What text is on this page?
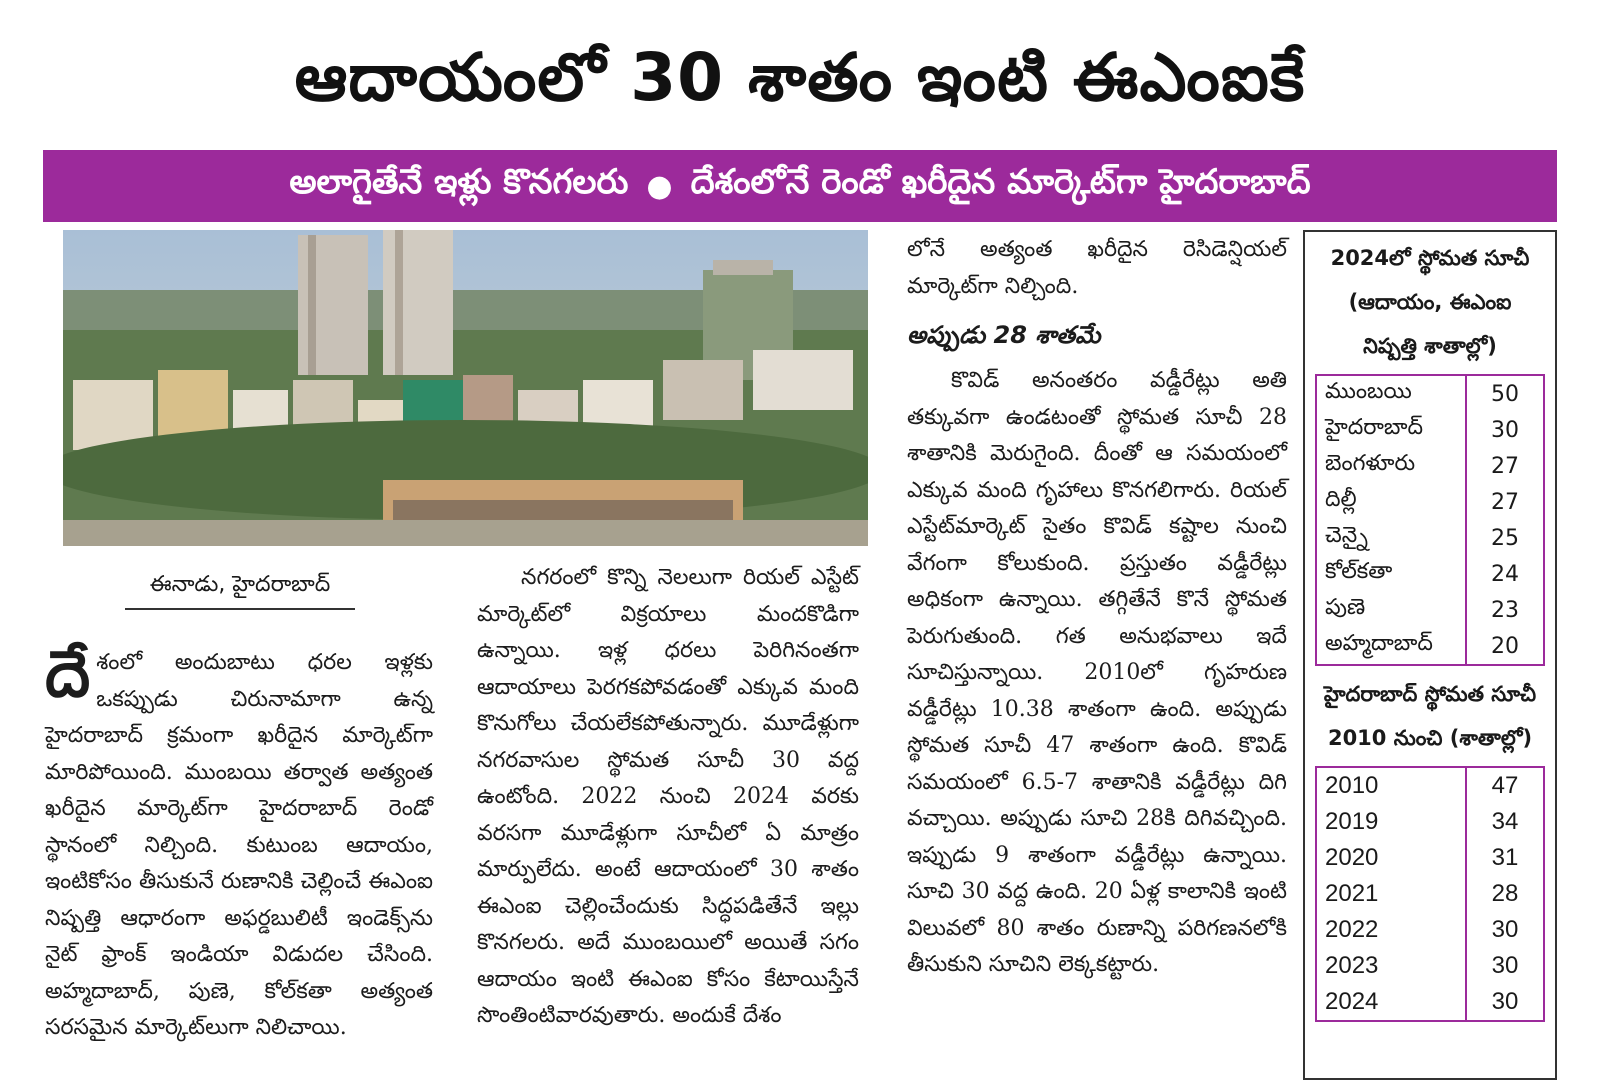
ఆదాయంలో 30 శాతం ఇంటి ఈఎంఐకే
అలాగైతేనే ఇళ్లు కొనగలరు ● దేశంలోనే రెండో ఖరీదైన మార్కెట్‌గా హైదరాబాద్
ఈనాడు, హైదరాబాద్
దేశంలో అందుబాటు ధరల ఇళ్లకు ఒకప్పుడు చిరునామాగా ఉన్న హైదరాబాద్ క్రమంగా ఖరీదైన మార్కెట్‌గా మారిపోయింది. ముంబయి తర్వాత అత్యంత ఖరీదైన మార్కెట్‌గా హైదరాబాద్ రెండో స్థానంలో నిల్చింది. కుటుంబ ఆదాయం, ఇంటికోసం తీసుకునే రుణానికి చెల్లించే ఈఎంఐ నిష్పత్తి ఆధారంగా అఫర్డబులిటీ ఇండెక్స్‌ను నైట్ ఫ్రాంక్ ఇండియా విడుదల చేసింది. అహ్మదాబాద్, పుణె, కోల్‌కతా అత్యంత సరసమైన మార్కెట్‌లుగా నిలిచాయి.
నగరంలో కొన్ని నెలలుగా రియల్ ఎస్టేట్ మార్కెట్‌లో విక్రయాలు మందకొడిగా ఉన్నాయి. ఇళ్ల ధరలు పెరిగినంతగా ఆదాయాలు పెరగకపోవడంతో ఎక్కువ మంది కొనుగోలు చేయలేకపోతున్నారు. మూడేళ్లుగా నగరవాసుల స్థోమత సూచీ 30 వద్ద ఉంటోంది. 2022 నుంచి 2024 వరకు వరసగా మూడేళ్లుగా సూచీలో ఏ మాత్రం మార్పులేదు. అంటే ఆదాయంలో 30 శాతం ఈఎంఐ చెల్లించేందుకు సిద్ధపడితేనే ఇల్లు కొనగలరు. అదే ముంబయిలో అయితే సగం ఆదాయం ఇంటి ఈఎంఐ కోసం కేటాయిస్తేనే సొంతింటివారవుతారు. అందుకే దేశం
లోనే అత్యంత ఖరీదైన రెసిడెన్షియల్ మార్కెట్‌గా నిల్చింది.
అప్పుడు 28 శాతమే
కొవిడ్ అనంతరం వడ్డీరేట్లు అతి తక్కువగా ఉండటంతో స్థోమత సూచీ 28 శాతానికి మెరుగైంది. దీంతో ఆ సమయంలో ఎక్కువ మంది గృహాలు కొనగలిగారు. రియల్ ఎస్టేట్‌మార్కెట్ సైతం కొవిడ్ కష్టాల నుంచి వేగంగా కోలుకుంది. ప్రస్తుతం వడ్డీరేట్లు అధికంగా ఉన్నాయి. తగ్గితేనే కొనే స్థోమత పెరుగుతుంది. గత అనుభవాలు ఇదే సూచిస్తున్నాయి. 2010లో గృహరుణ వడ్డీరేట్లు 10.38 శాతంగా ఉంది. అప్పుడు స్థోమత సూచీ 47 శాతంగా ఉంది. కొవిడ్ సమయంలో 6.5-7 శాతానికి వడ్డీరేట్లు దిగి వచ్చాయి. అప్పుడు సూచి 28కి దిగివచ్చింది. ఇప్పుడు 9 శాతంగా వడ్డీరేట్లు ఉన్నాయి. సూచి 30 వద్ద ఉంది. 20 ఏళ్ల కాలానికి ఇంటి విలువలో 80 శాతం రుణాన్ని పరిగణనలోకి తీసుకుని సూచిని లెక్కకట్టారు.
2024లో స్థోమత సూచీ
(ఆదాయం, ఈఎంఐ
నిష్పత్తి శాతాల్లో)
ముంబయి	50
హైదరాబాద్	30
బెంగళూరు	27
దిల్లీ	27
చెన్నై	25
కోల్‌కతా	24
పుణె	23
అహ్మదాబాద్	20
హైదరాబాద్ స్థోమత సూచీ
2010 నుంచి (శాతాల్లో)
2010	47
2019	34
2020	31
2021	28
2022	30
2023	30
2024	30
